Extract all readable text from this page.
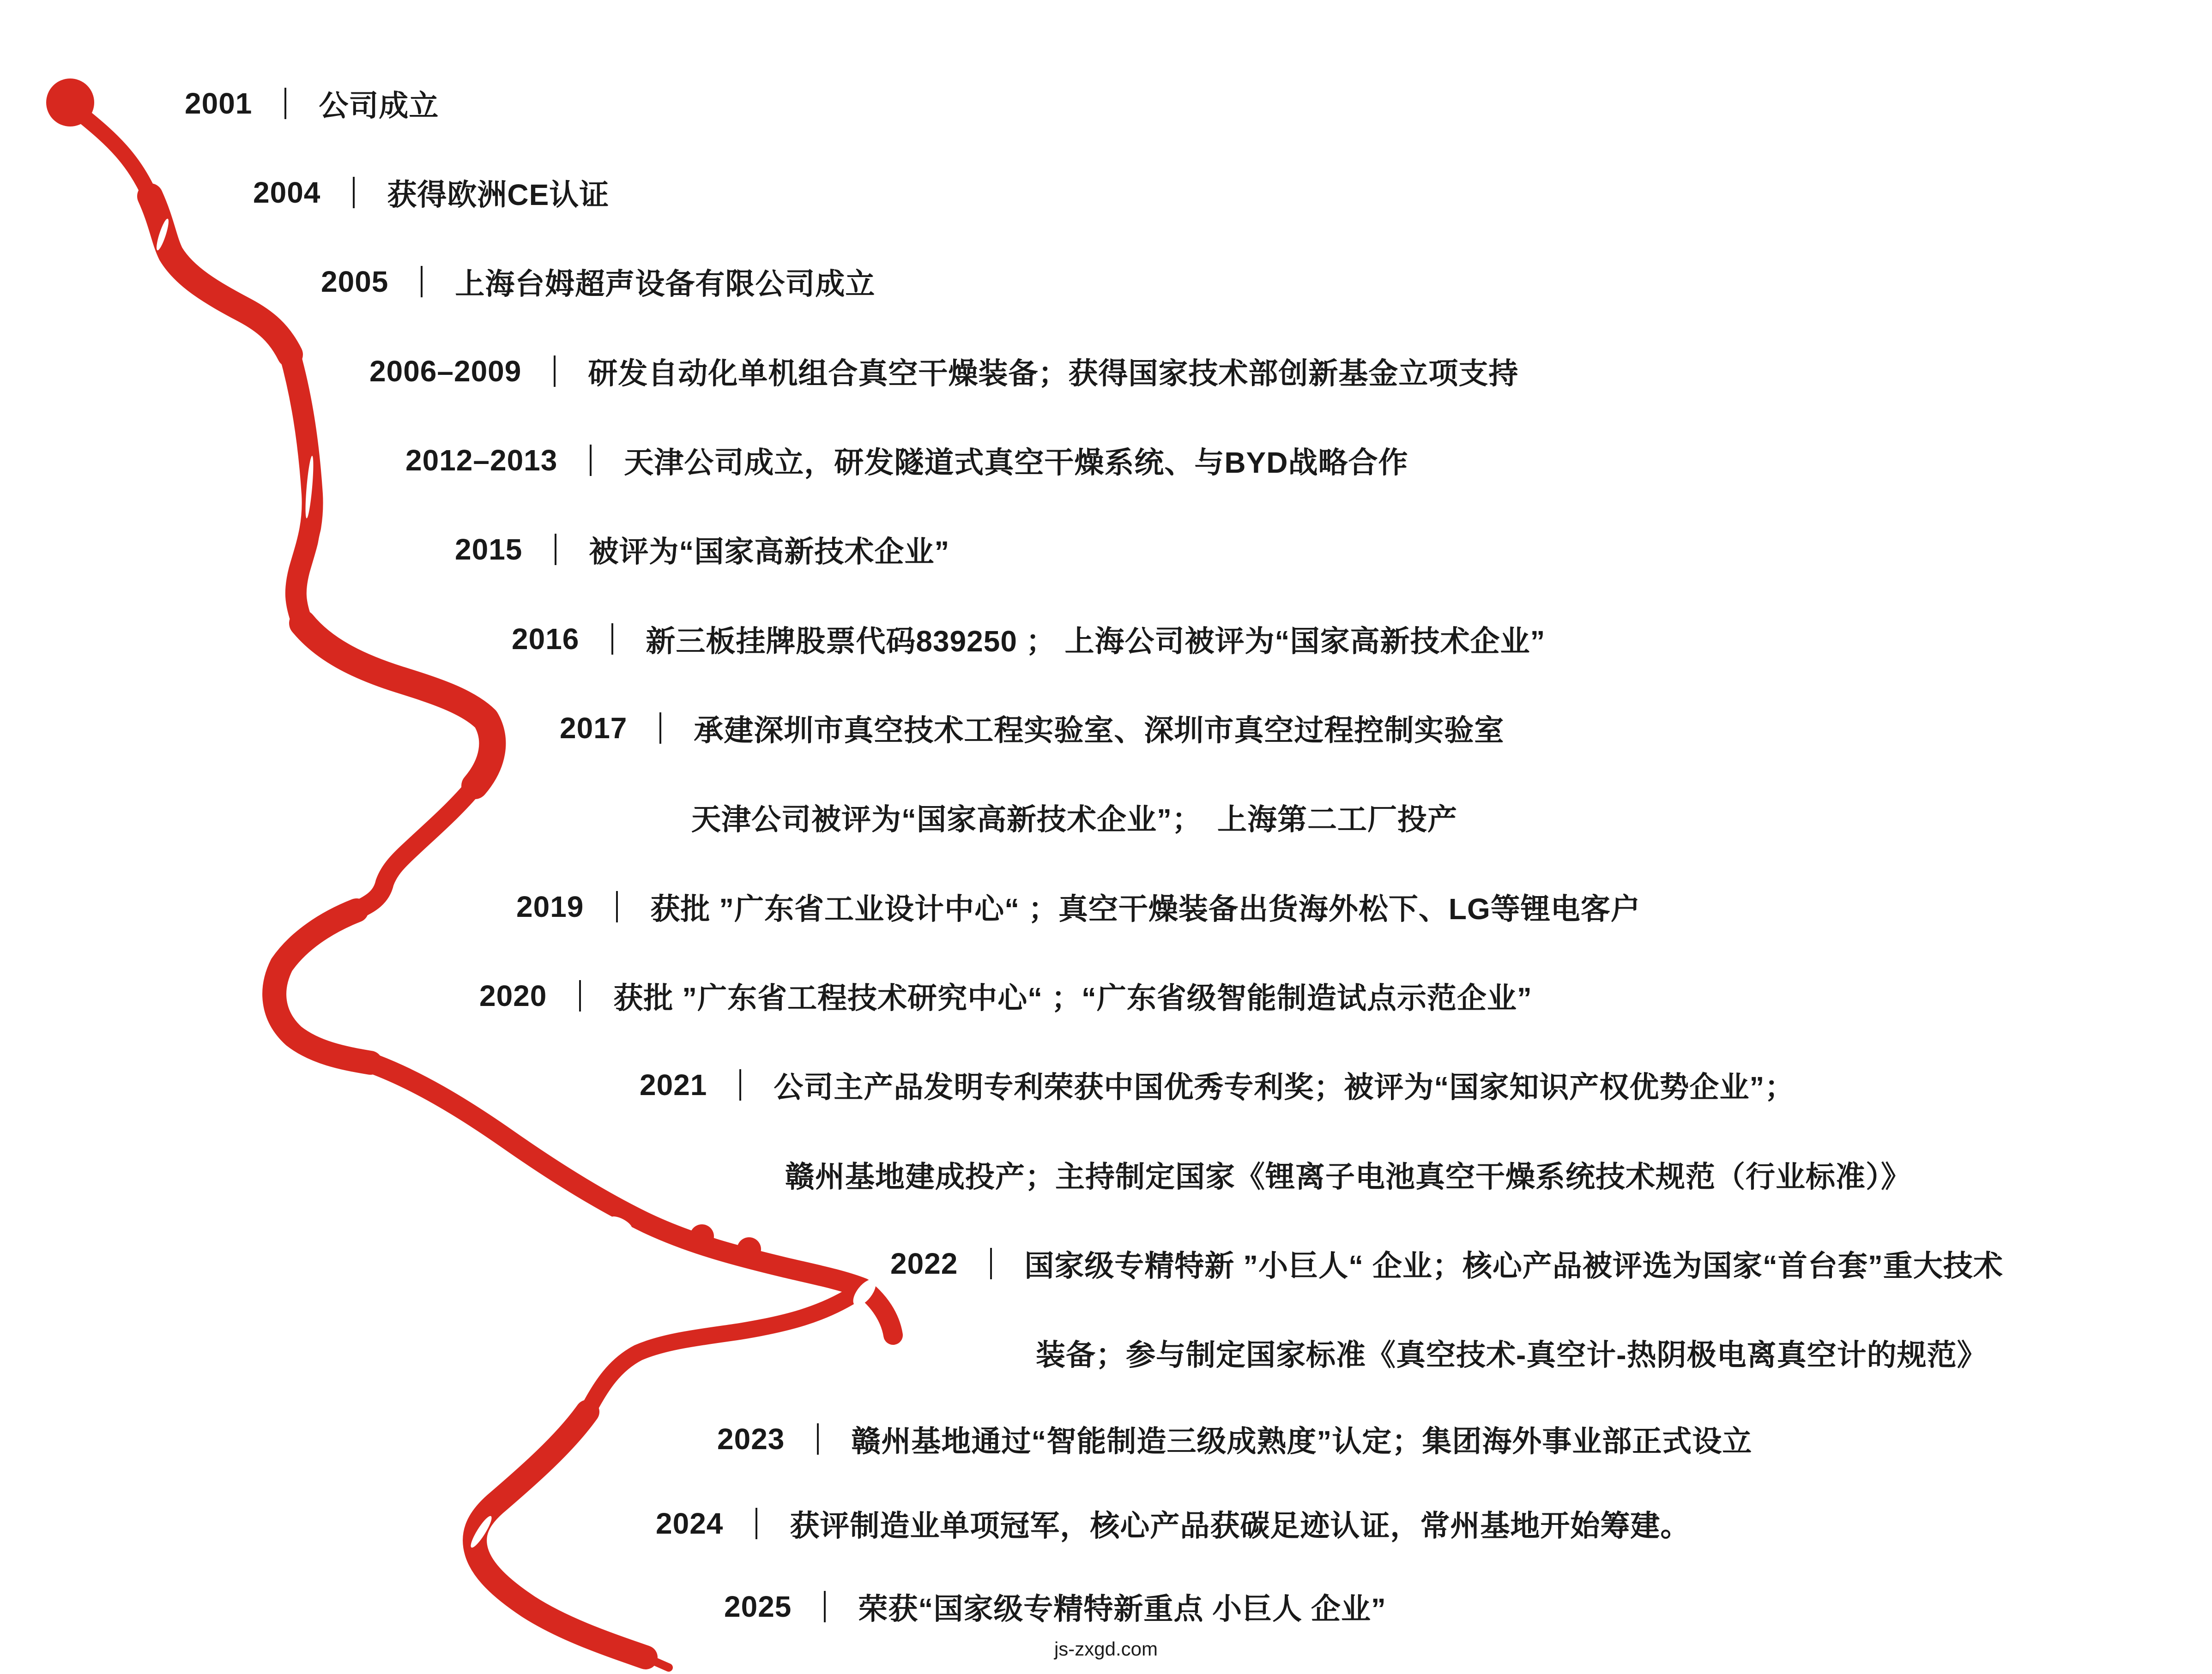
2001 公司成立
2004 获得欧洲CE认证
2005 上海台姆超声设备有限公司成立
2006–2009 研发自动化单机组合真空干燥装备；获得国家技术部创新基金立项支持
2012–2013 天津公司成立，研发隧道式真空干燥系统、与BYD战略合作
2015 被评为“国家高新技术企业”
2016 新三板挂牌股票代码839250 ； 上海公司被评为“国家高新技术企业”
2017 承建深圳市真空技术工程实验室、深圳市真空过程控制实验室
天津公司被评为“国家高新技术企业”；　上海第二工厂投产
2019 获批 ”广东省工业设计中心“ ；真空干燥装备出货海外松下、LG等锂电客户
2020 获批 ”广东省工程技术研究中心“ ；“广东省级智能制造试点示范企业”
2021 公司主产品发明专利荣获中国优秀专利奖；被评为“国家知识产权优势企业”；
赣州基地建成投产；主持制定国家《锂离子电池真空干燥系统技术规范（行业标准）》
2022 国家级专精特新 ”小巨人“ 企业；核心产品被评选为国家“首台套”重大技术
装备；参与制定国家标准《真空技术-真空计-热阴极电离真空计的规范》
2023 赣州基地通过“智能制造三级成熟度”认定；集团海外事业部正式设立
2024 获评制造业单项冠军，核心产品获碳足迹认证，常州基地开始筹建。
2025 荣获“国家级专精特新重点 小巨人 企业”
js-zxgd.com
